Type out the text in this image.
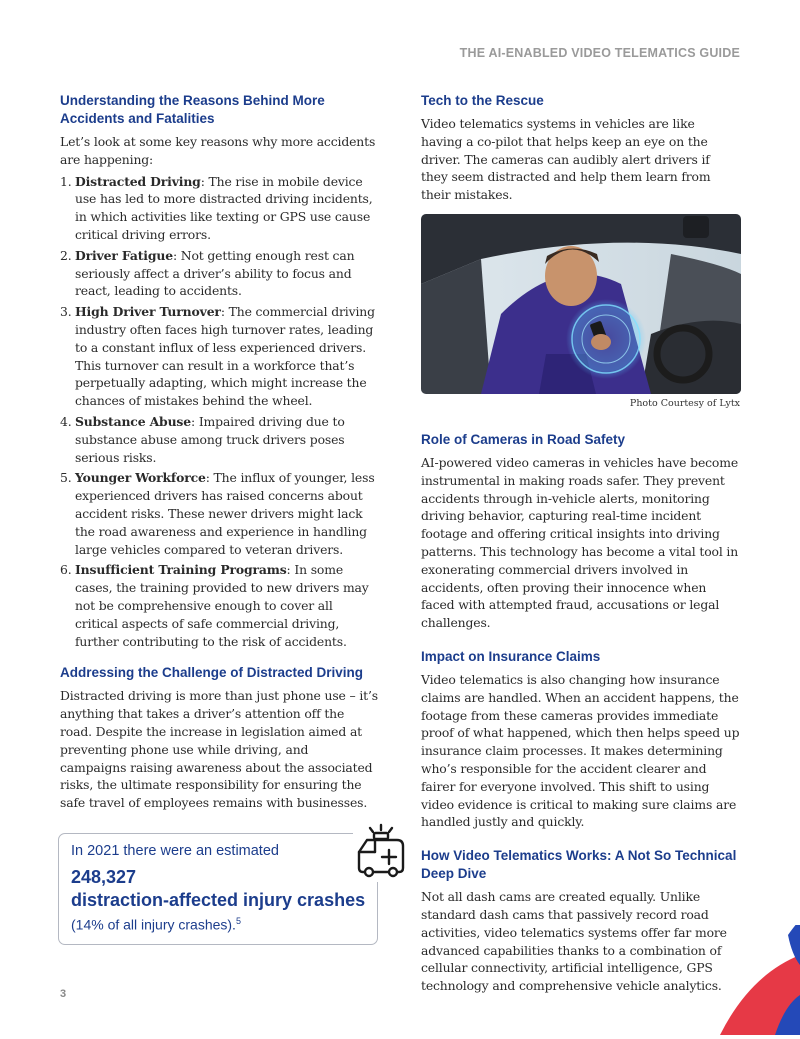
THE AI-ENABLED VIDEO TELEMATICS GUIDE
Understanding the Reasons Behind More Accidents and Fatalities

Let’s look at some key reasons why more accidents are happening:

1. Distracted Driving: The rise in mobile device use has led to more distracted driving incidents, in which activities like texting or GPS use cause critical driving errors.
2. Driver Fatigue: Not getting enough rest can seriously affect a driver’s ability to focus and react, leading to accidents.
3. High Driver Turnover: The commercial driving industry often faces high turnover rates, leading to a constant influx of less experienced drivers. This turnover can result in a workforce that’s perpetually adapting, which might increase the chances of mistakes behind the wheel.
4. Substance Abuse: Impaired driving due to substance abuse among truck drivers poses serious risks.
5. Younger Workforce: The influx of younger, less experienced drivers has raised concerns about accident risks. These newer drivers might lack the road awareness and experience in handling large vehicles compared to veteran drivers.
6. Insufficient Training Programs: In some cases, the training provided to new drivers may not be comprehensive enough to cover all critical aspects of safe commercial driving, further contributing to the risk of accidents.
Addressing the Challenge of Distracted Driving

Distracted driving is more than just phone use – it’s anything that takes a driver’s attention off the road. Despite the increase in legislation aimed at preventing phone use while driving, and campaigns raising awareness about the associated risks, the ultimate responsibility for ensuring the safe travel of employees remains with businesses.

In 2021 there were an estimated
248,327
distraction-affected injury crashes
(14% of all injury crashes).$^5$
Tech to the Rescue

Video telematics systems in vehicles are like having a co-pilot that helps keep an eye on the driver. The cameras can audibly alert drivers if they seem distracted and help them learn from their mistakes.

Photo Courtesy of Lytx
Role of Cameras in Road Safety

AI-powered video cameras in vehicles have become instrumental in making roads safer. They prevent accidents through in-vehicle alerts, monitoring driving behavior, capturing real-time incident footage and offering critical insights into driving patterns. This technology has become a vital tool in exonerating commercial drivers involved in accidents, often proving their innocence when faced with attempted fraud, accusations or legal challenges.

Impact on Insurance Claims

Video telematics is also changing how insurance claims are handled. When an accident happens, the footage from these cameras provides immediate proof of what happened, which then helps speed up insurance claim processes. It makes determining who’s responsible for the accident clearer and fairer for everyone involved. This shift to using video evidence is critical to making sure claims are handled justly and quickly.

How Video Telematics Works: A Not So Technical Deep Dive

Not all dash cams are created equally. Unlike standard dash cams that passively record road activities, video telematics systems offer far more advanced capabilities thanks to a combination of cellular connectivity, artificial intelligence, GPS technology and comprehensive vehicle analytics.

3
